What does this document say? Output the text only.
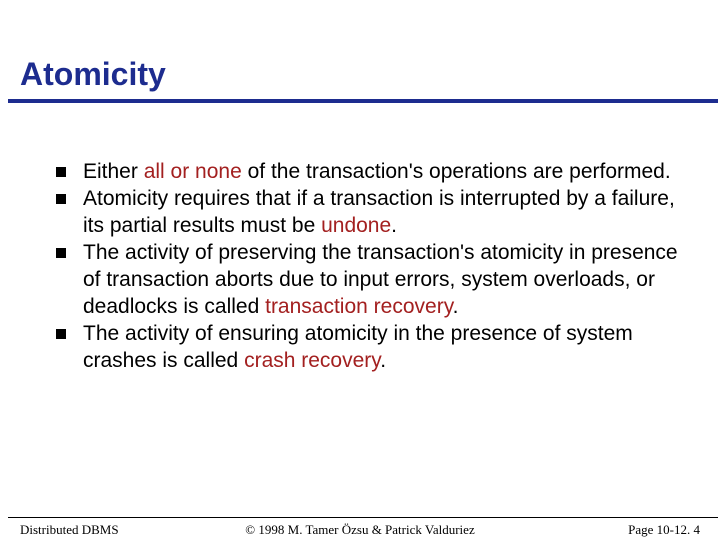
Atomicity
Either all or none of the transaction's operations are performed.
Atomicity requires that if a transaction is interrupted by a failure, its partial results must be undone.
The activity of preserving the transaction's atomicity in presence of transaction aborts due to input errors, system overloads, or deadlocks is called transaction recovery.
The activity of ensuring atomicity in the presence of system crashes is called crash recovery.
Distributed DBMS	© 1998 M. Tamer Özsu & Patrick Valduriez	Page 10-12. 4
